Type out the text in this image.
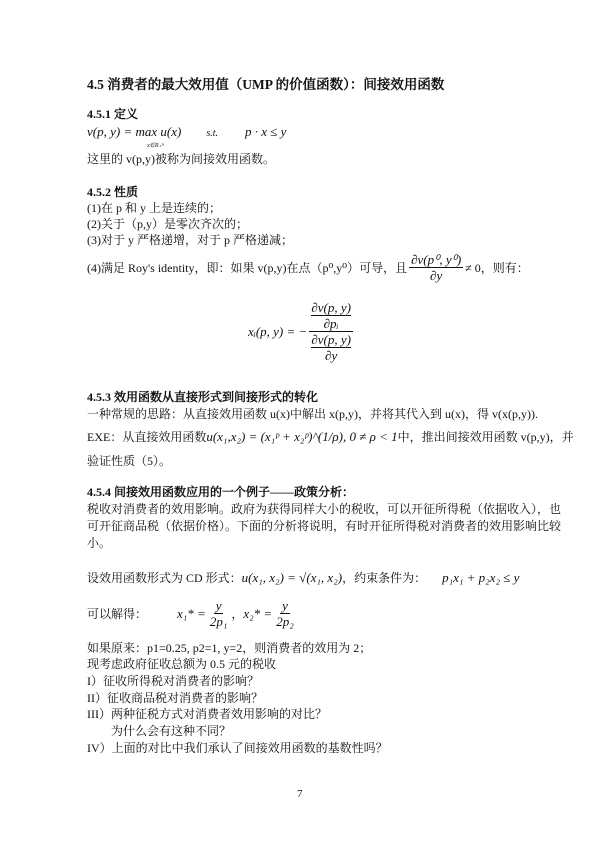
4.5 消费者的最大效用值（UMP 的价值函数）：间接效用函数
4.5.1 定义
v(p, y) = max u(x)	s.t. p · x ≤ y
x∈R₊ⁿ
这里的 v(p,y)被称为间接效用函数。
4.5.2 性质
(1)在 p 和 y 上是连续的；
(2)关于（p,y）是零次齐次的；
(3)对于 y 严格递增，对于 p 严格递减；
(4)满足 Roy's identity，即：如果 v(p,y)在点（p⁰,y⁰）可导，且 $\frac{\text{∂v(p⁰, y⁰)}}{\partial y} \ne 0$，则有：
xᵢ(p, y) = − ∂v(p, y)
∂pᵢ
∂v(p, y)
∂y
4.5.3 效用函数从直接形式到间接形式的转化
一种常规的思路：从直接效用函数 u(x)中解出 x(p,y)，并将其代入到 u(x)，得 v(x(p,y)).
EXE：从直接效用函数u(x₁,x₂) = (x₁ᵖ + x₂ᵖ)^(1/ρ), 0 ≠ ρ < 1中，推出间接效用函数 v(p,y)，并
验证性质（5）。
4.5.4 间接效用函数应用的一个例子——政策分析：
税收对消费者的效用影响。政府为获得同样大小的税收，可以开征所得税（依据收入），也
可开征商品税（依据价格）。下面的分析将说明，有时开征所得税对消费者的效用影响比较
小。
设效用函数形式为 CD 形式：u(x₁, x₂) = √(x₁, x₂)，约束条件为： p₁x₁ + p₂x₂ ≤ y
可以解得： $x_1* = \frac{y}{\text{2p₁}}$ ， $x_2* = \frac{y}{\text{2p₂}}$
如果原来：p1=0.25, p2=1, y=2，则消费者的效用为 2；
现考虑政府征收总额为 0.5 元的税收
I）征收所得税对消费者的影响？
II）征收商品税对消费者的影响？
III）两种征税方式对消费者效用影响的对比？
　　为什么会有这种不同？
IV）上面的对比中我们承认了间接效用函数的基数性吗？
7
